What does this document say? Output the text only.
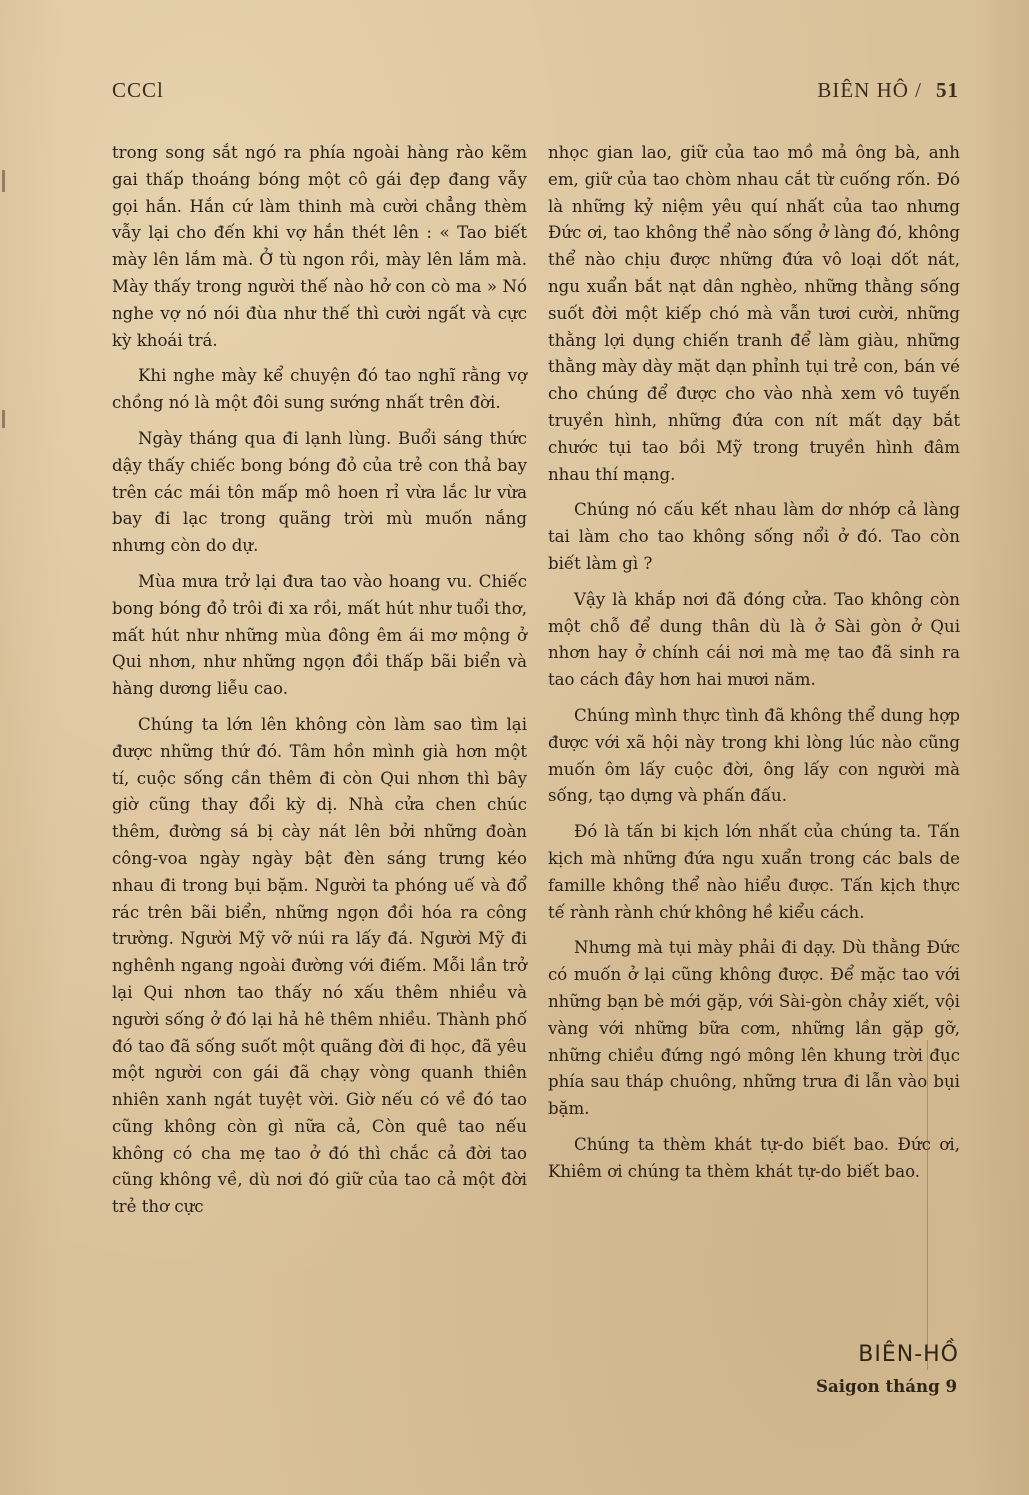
CCCl	BIÊN HÔ / 51

trong song sắt ngó ra phía ngoài hàng rào kẽm gai thấp thoáng bóng một cô gái đẹp đang vẫy gọi hắn. Hắn cứ làm thinh mà cười chẳng thèm vẫy lại cho đến khi vợ hắn thét lên : « Tao biết mày lên lắm mà. Ở tù ngon rồi, mày lên lắm mà. Mày thấy trong người thế nào hở con cò ma » Nó nghe vợ nó nói đùa như thế thì cười ngất và cực kỳ khoái trá.

Khi nghe mày kể chuyện đó tao nghĩ rằng vợ chồng nó là một đôi sung sướng nhất trên đời.

Ngày tháng qua đi lạnh lùng. Buổi sáng thức dậy thấy chiếc bong bóng đỏ của trẻ con thả bay trên các mái tôn mấp mô hoen rỉ vừa lắc lư vừa bay đi lạc trong quãng trời mù muốn nắng nhưng còn do dự.

Mùa mưa trở lại đưa tao vào hoang vu. Chiếc bong bóng đỏ trôi đi xa rồi, mất hút như tuổi thơ, mất hút như những mùa đông êm ái mơ mộng ở Qui nhơn, như những ngọn đồi thấp bãi biển và hàng dương liễu cao.

Chúng ta lớn lên không còn làm sao tìm lại được những thứ đó. Tâm hồn mình già hơn một tí, cuộc sống cần thêm đi còn Qui nhơn thì bây giờ cũng thay đổi kỳ dị. Nhà cửa chen chúc thêm, đường sá bị cày nát lên bởi những đoàn công-voa ngày ngày bật đèn sáng trưng kéo nhau đi trong bụi bặm. Người ta phóng uế và đổ rác trên bãi biển, những ngọn đồi hóa ra công trường. Người Mỹ vỡ núi ra lấy đá. Người Mỹ đi nghênh ngang ngoài đường với điếm. Mỗi lần trở lại Qui nhơn tao thấy nó xấu thêm nhiều và người sống ở đó lại hả hê thêm nhiều. Thành phố đó tao đã sống suốt một quãng đời đi học, đã yêu một người con gái đã chạy vòng quanh thiên nhiên xanh ngát tuyệt vời. Giờ nếu có về đó tao cũng không còn gì nữa cả, Còn quê tao nếu không có cha mẹ tao ở đó thì chắc cả đời tao cũng không về, dù nơi đó giữ của tao cả một đời trẻ thơ cực

nhọc gian lao, giữ của tao mồ mả ông bà, anh em, giữ của tao chòm nhau cắt từ cuống rốn. Đó là những kỷ niệm yêu quí nhất của tao nhưng Đức ơi, tao không thể nào sống ở làng đó, không thể nào chịu được những đứa vô loại dốt nát, ngu xuẩn bắt nạt dân nghèo, những thằng sống suốt đời một kiếp chó mà vẫn tươi cười, những thằng lợi dụng chiến tranh để làm giàu, những thằng mày dày mặt dạn phỉnh tụi trẻ con, bán vé cho chúng để được cho vào nhà xem vô tuyến truyền hình, những đứa con nít mất dạy bắt chước tụi tao bồi Mỹ trong truyền hình đâm nhau thí mạng.

Chúng nó cấu kết nhau làm dơ nhớp cả làng tai làm cho tao không sống nổi ở đó. Tao còn biết làm gì ?

Vậy là khắp nơi đã đóng cửa. Tao không còn một chỗ để dung thân dù là ở Sài gòn ở Qui nhơn hay ở chính cái nơi mà mẹ tao đã sinh ra tao cách đây hơn hai mươi năm.

Chúng mình thực tình đã không thể dung hợp được với xã hội này trong khi lòng lúc nào cũng muốn ôm lấy cuộc đời, ông lấy con người mà sống, tạo dựng và phấn đấu.

Đó là tấn bi kịch lớn nhất của chúng ta. Tấn kịch mà những đứa ngu xuẩn trong các bals de famille không thể nào hiểu được. Tấn kịch thực tế rành rành chứ không hề kiểu cách.

Nhưng mà tụi mày phải đi dạy. Dù thằng Đức có muốn ở lại cũng không được. Để mặc tao với những bạn bè mới gặp, với Sài-gòn chảy xiết, vội vàng với những bữa cơm, những lần gặp gỡ, những chiều đứng ngó mông lên khung trời đục phía sau tháp chuông, những trưa đi lẫn vào bụi bặm.

Chúng ta thèm khát tự-do biết bao. Đức ơi, Khiêm ơi chúng ta thèm khát tự-do biết bao.

BIÊN-HỒ
Saigon tháng 9
